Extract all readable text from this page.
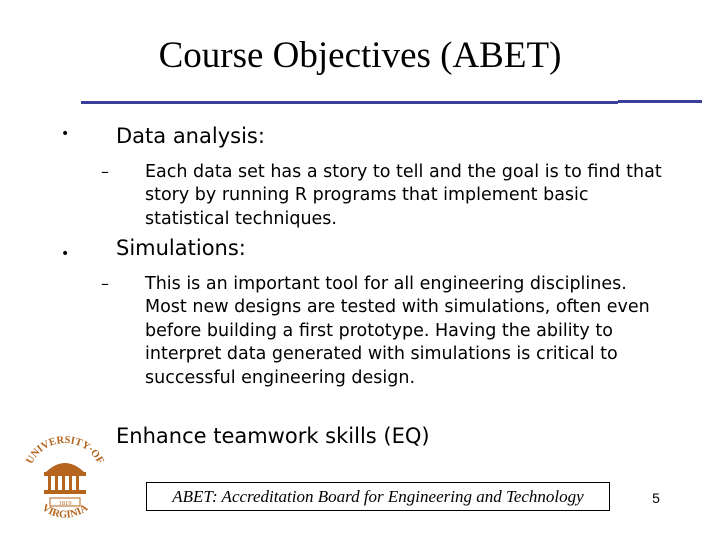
Course Objectives (ABET)
• Data analysis:
– Each data set has a story to tell and the goal is to find that story by running R programs that implement basic statistical techniques.
• Simulations:
– This is an important tool for all engineering disciplines. Most new designs are tested with simulations, often even before building a first prototype. Having the ability to interpret data generated with simulations is critical to successful engineering design.
Enhance teamwork skills (EQ)
UNIVERSITY·OF
VIRGINIA
1819	ABET: Accreditation Board for Engineering and Technology	5
